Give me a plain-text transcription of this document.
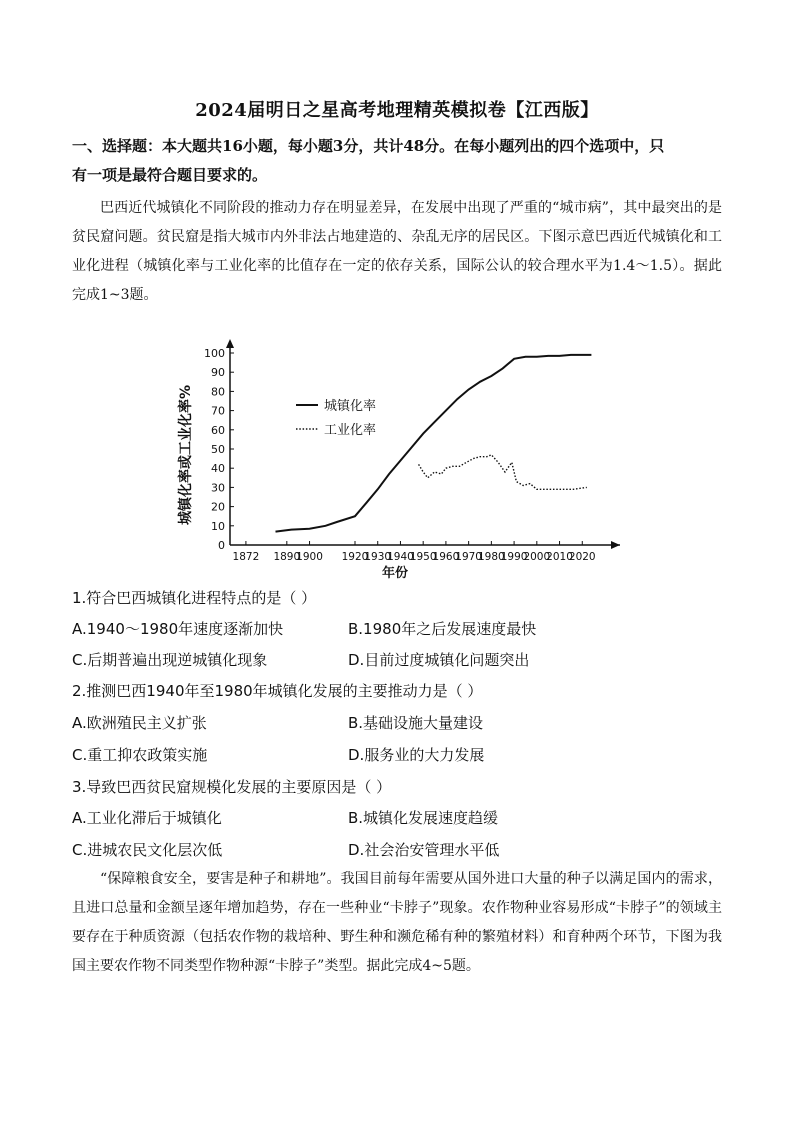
2024届明日之星高考地理精英模拟卷【江西版】
一、选择题：本大题共16小题，每小题3分，共计48分。在每小题列出的四个选项中，只
有一项是最符合题目要求的。
巴西近代城镇化不同阶段的推动力存在明显差异，在发展中出现了严重的“城市病”，其中最突出的是贫民窟问题。贫民窟是指大城市内外非法占地建造的、杂乱无序的居民区。下图示意巴西近代城镇化和工业化进程（城镇化率与工业化率的比值存在一定的依存关系，国际公认的较合理水平为1.4～1.5）。据此完成1~3题。
0
10
20
30
40
50
60
70
80
90
100
1872 1890
1900 1920
1930
1940
1950
1960
1970
1980
1990
2000
2010
2020
年份
城镇化率或工业化率%	城镇化率
工业化率
1.符合巴西城镇化进程特点的是（ ）
A.1940～1980年速度逐渐加快	B.1980年之后发展速度最快
C.后期普遍出现逆城镇化现象	D.目前过度城镇化问题突出
2.推测巴西1940年至1980年城镇化发展的主要推动力是（ ）
A.欧洲殖民主义扩张	B.基础设施大量建设
C.重工抑农政策实施	D.服务业的大力发展
3.导致巴西贫民窟规模化发展的主要原因是（ ）
A.工业化滞后于城镇化	B.城镇化发展速度趋缓
C.进城农民文化层次低	D.社会治安管理水平低
“保障粮食安全，要害是种子和耕地”。我国目前每年需要从国外进口大量的种子以满足国内的需求，且进口总量和金额呈逐年增加趋势，存在一些种业“卡脖子”现象。农作物种业容易形成“卡脖子”的领域主要存在于种质资源（包括农作物的栽培种、野生种和濒危稀有种的繁殖材料）和育种两个环节，下图为我国主要农作物不同类型作物种源“卡脖子”类型。据此完成4~5题。
